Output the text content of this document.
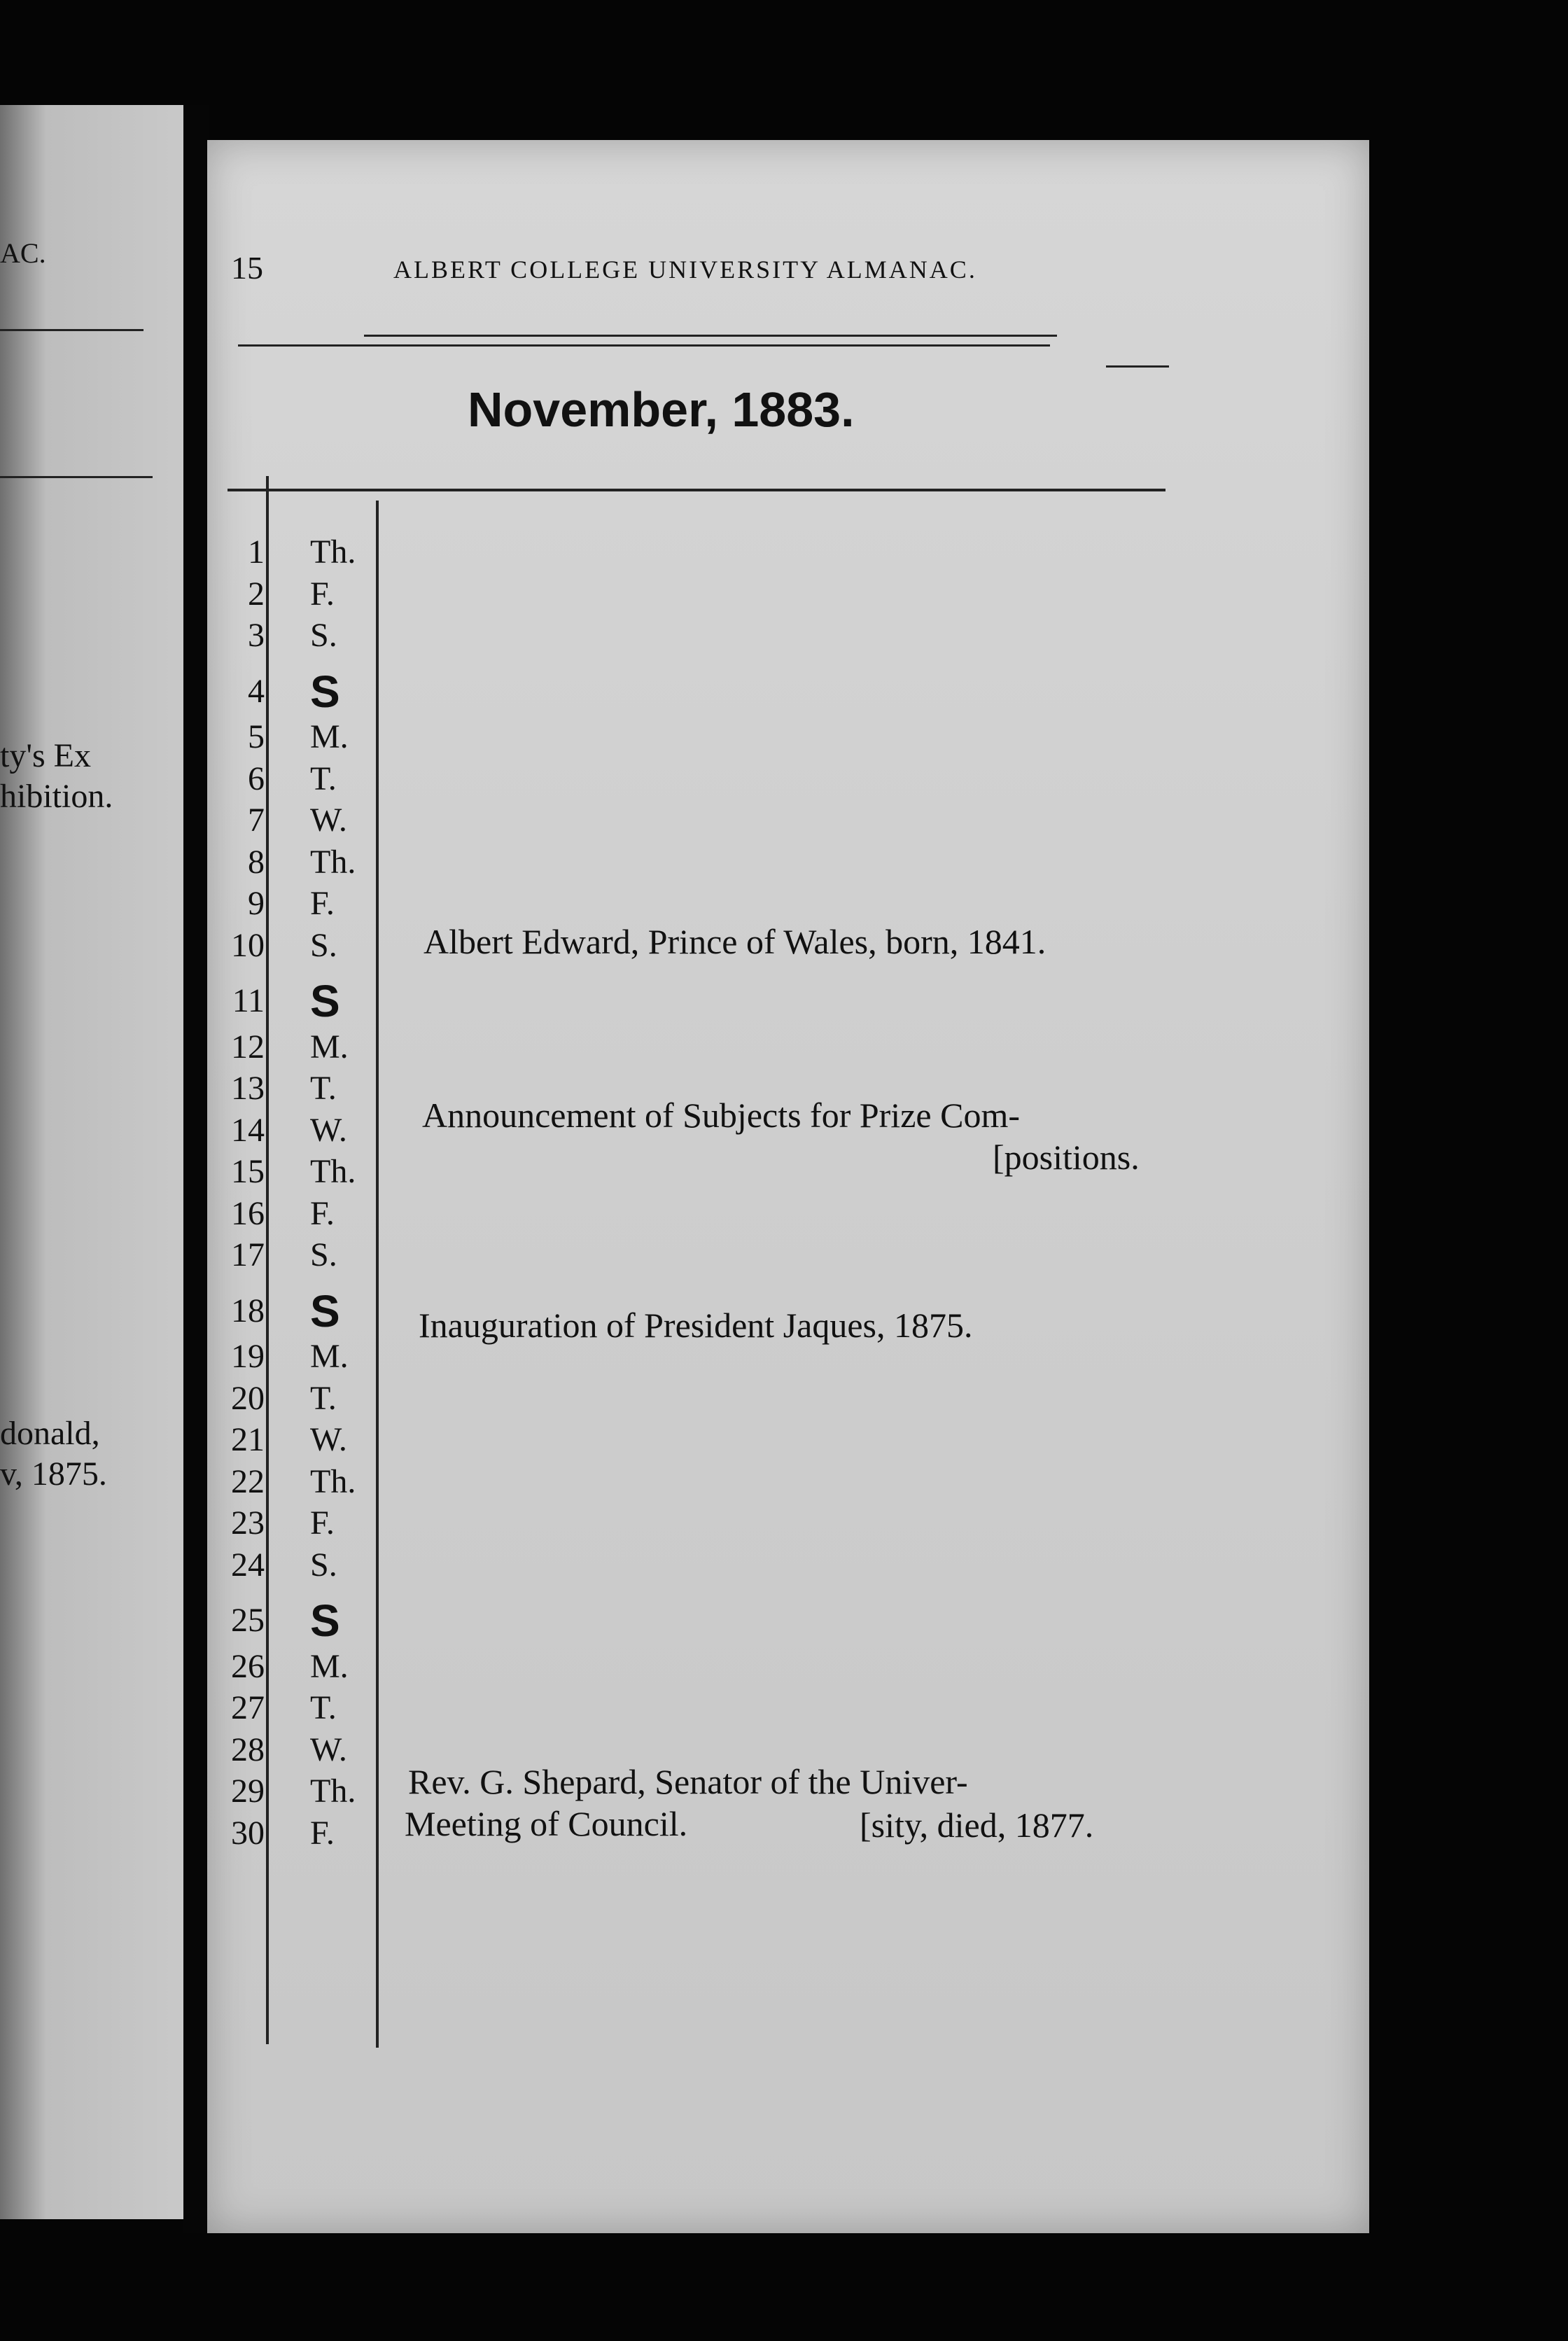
AC.
ty's Ex
hibition.
donald,
v, 1875.
15	ALBERT COLLEGE UNIVERSITY ALMANAC.
November, 1883.
1 Th.
2 F.
3 S.
4 S
5 M.
6 T.
7 W.
8 Th.
9 F.
10 S.
11 S
12 M.
13 T.
14 W.
15 Th.
16 F.
17 S.
18 S
19 M.
20 T.
21 W.
22 Th.
23 F.
24 S.
25 S
26 M.
27 T.
28 W.
29 Th.
30 F.
Albert Edward, Prince of Wales, born, 1841.
Announcement of Subjects for Prize Com-
[positions.
Inauguration of President Jaques, 1875.
Rev. G. Shepard, Senator of the Univer-
Meeting of Council.	[sity, died, 1877.
